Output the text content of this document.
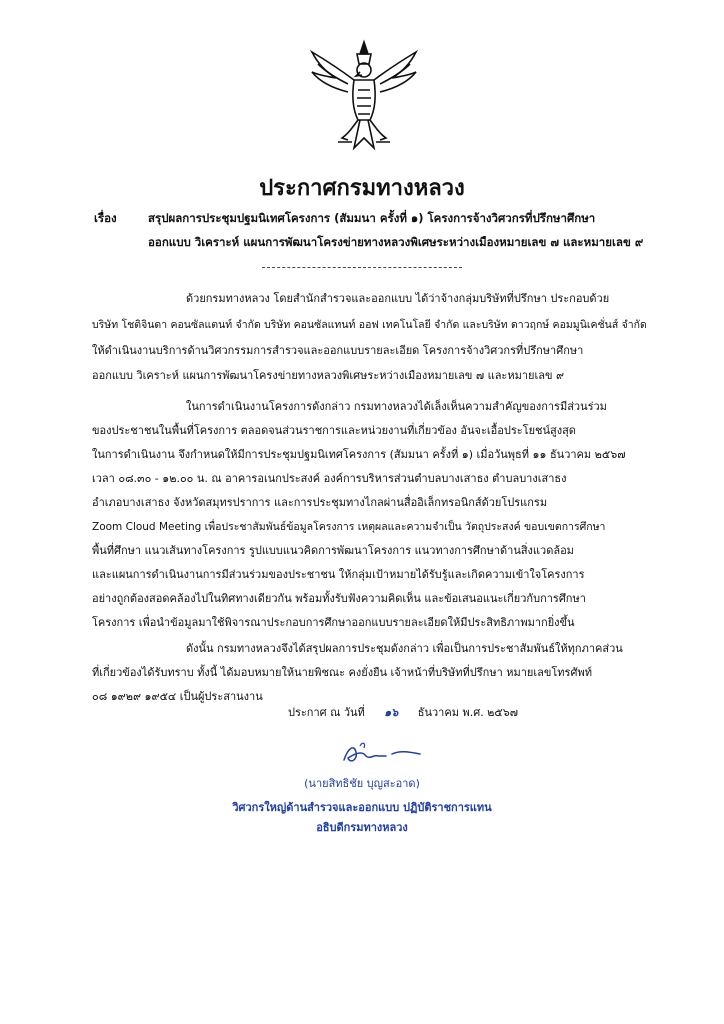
ประกาศกรมทางหลวง
เรื่อง	สรุปผลการประชุมปฐมนิเทศโครงการ (สัมมนา ครั้งที่ ๑) โครงการจ้างวิศวกรที่ปรึกษาศึกษา
ออกแบบ วิเคราะห์ แผนการพัฒนาโครงข่ายทางหลวงพิเศษระหว่างเมืองหมายเลข ๗ และหมายเลข ๙
ด้วยกรมทางหลวง โดยสำนักสำรวจและออกแบบ ได้ว่าจ้างกลุ่มบริษัทที่ปรึกษา ประกอบด้วย
บริษัท โชติจินดา คอนซัลแตนท์ จำกัด บริษัท คอนซัลแทนท์ ออฟ เทคโนโลยี จำกัด และบริษัท ดาวฤกษ์ คอมมูนิเคชั่นส์ จำกัด
ให้ดำเนินงานบริการด้านวิศวกรรมการสำรวจและออกแบบรายละเอียด โครงการจ้างวิศวกรที่ปรึกษาศึกษา
ออกแบบ วิเคราะห์ แผนการพัฒนาโครงข่ายทางหลวงพิเศษระหว่างเมืองหมายเลข ๗ และหมายเลข ๙
ในการดำเนินงานโครงการดังกล่าว กรมทางหลวงได้เล็งเห็นความสำคัญของการมีส่วนร่วม
ของประชาชนในพื้นที่โครงการ ตลอดจนส่วนราชการและหน่วยงานที่เกี่ยวข้อง อันจะเอื้อประโยชน์สูงสุด
ในการดำเนินงาน จึงกำหนดให้มีการประชุมปฐมนิเทศโครงการ (สัมมนา ครั้งที่ ๑) เมื่อวันพุธที่ ๑๑ ธันวาคม ๒๕๖๗
เวลา ๐๘.๓๐ - ๑๒.๐๐ น. ณ อาคารอเนกประสงค์ องค์การบริหารส่วนตำบลบางเสาธง ตำบลบางเสาธง
อำเภอบางเสาธง จังหวัดสมุทรปราการ และการประชุมทางไกลผ่านสื่ออิเล็กทรอนิกส์ด้วยโปรแกรม
Zoom Cloud Meeting เพื่อประชาสัมพันธ์ข้อมูลโครงการ เหตุผลและความจำเป็น วัตถุประสงค์ ขอบเขตการศึกษา
พื้นที่ศึกษา แนวเส้นทางโครงการ รูปแบบแนวคิดการพัฒนาโครงการ แนวทางการศึกษาด้านสิ่งแวดล้อม
และแผนการดำเนินงานการมีส่วนร่วมของประชาชน ให้กลุ่มเป้าหมายได้รับรู้และเกิดความเข้าใจโครงการ
อย่างถูกต้องสอดคล้องไปในทิศทางเดียวกัน พร้อมทั้งรับฟังความคิดเห็น และข้อเสนอแนะเกี่ยวกับการศึกษา
โครงการ เพื่อนำข้อมูลมาใช้พิจารณาประกอบการศึกษาออกแบบรายละเอียดให้มีประสิทธิภาพมากยิ่งขึ้น
ดังนั้น กรมทางหลวงจึงได้สรุปผลการประชุมดังกล่าว เพื่อเป็นการประชาสัมพันธ์ให้ทุกภาคส่วน
ที่เกี่ยวข้องได้รับทราบ ทั้งนี้ ได้มอบหมายให้นายพิชณะ คงยั่งยืน เจ้าหน้าที่บริษัทที่ปรึกษา หมายเลขโทรศัพท์
๐๘ ๑๙๒๙ ๑๙๕๔ เป็นผู้ประสานงาน
ประกาศ ณ วันที่ ๑๖ ธันวาคม พ.ศ. ๒๕๖๗
(นายสิทธิชัย บุญสะอาด)
วิศวกรใหญ่ด้านสำรวจและออกแบบ ปฏิบัติราชการแทน
อธิบดีกรมทางหลวง
